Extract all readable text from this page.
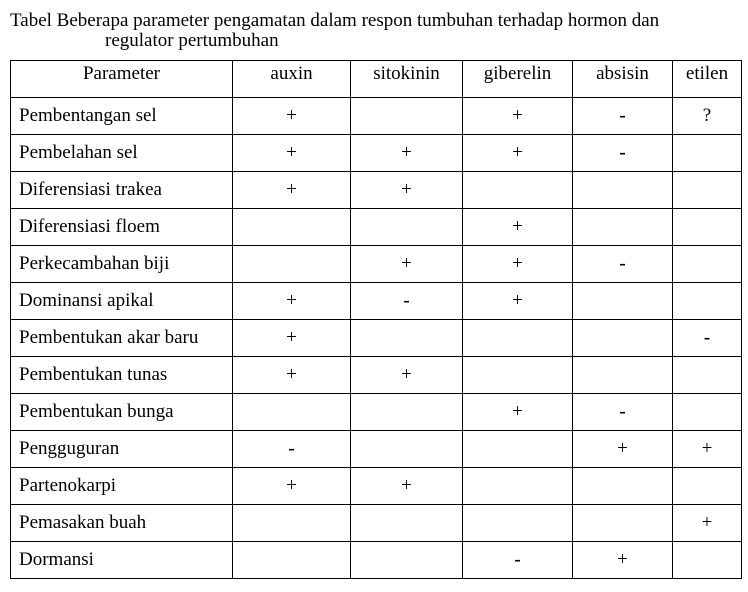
Tabel Beberapa parameter pengamatan dalam respon tumbuhan terhadap hormon dan
regulator pertumbuhan
Parameter	auxin	sitokinin	giberelin	absisin	etilen
Pembentangan sel	+		+	-	?
Pembelahan sel	+	+	+	-	
Diferensiasi trakea	+	+			
Diferensiasi floem			+		
Perkecambahan biji		+	+	-	
Dominansi apikal	+	-	+		
Pembentukan akar baru	+				-
Pembentukan tunas	+	+			
Pembentukan bunga			+	-	
Pengguguran	-			+	+
Partenokarpi	+	+			
Pemasakan buah					+
Dormansi			-	+	
